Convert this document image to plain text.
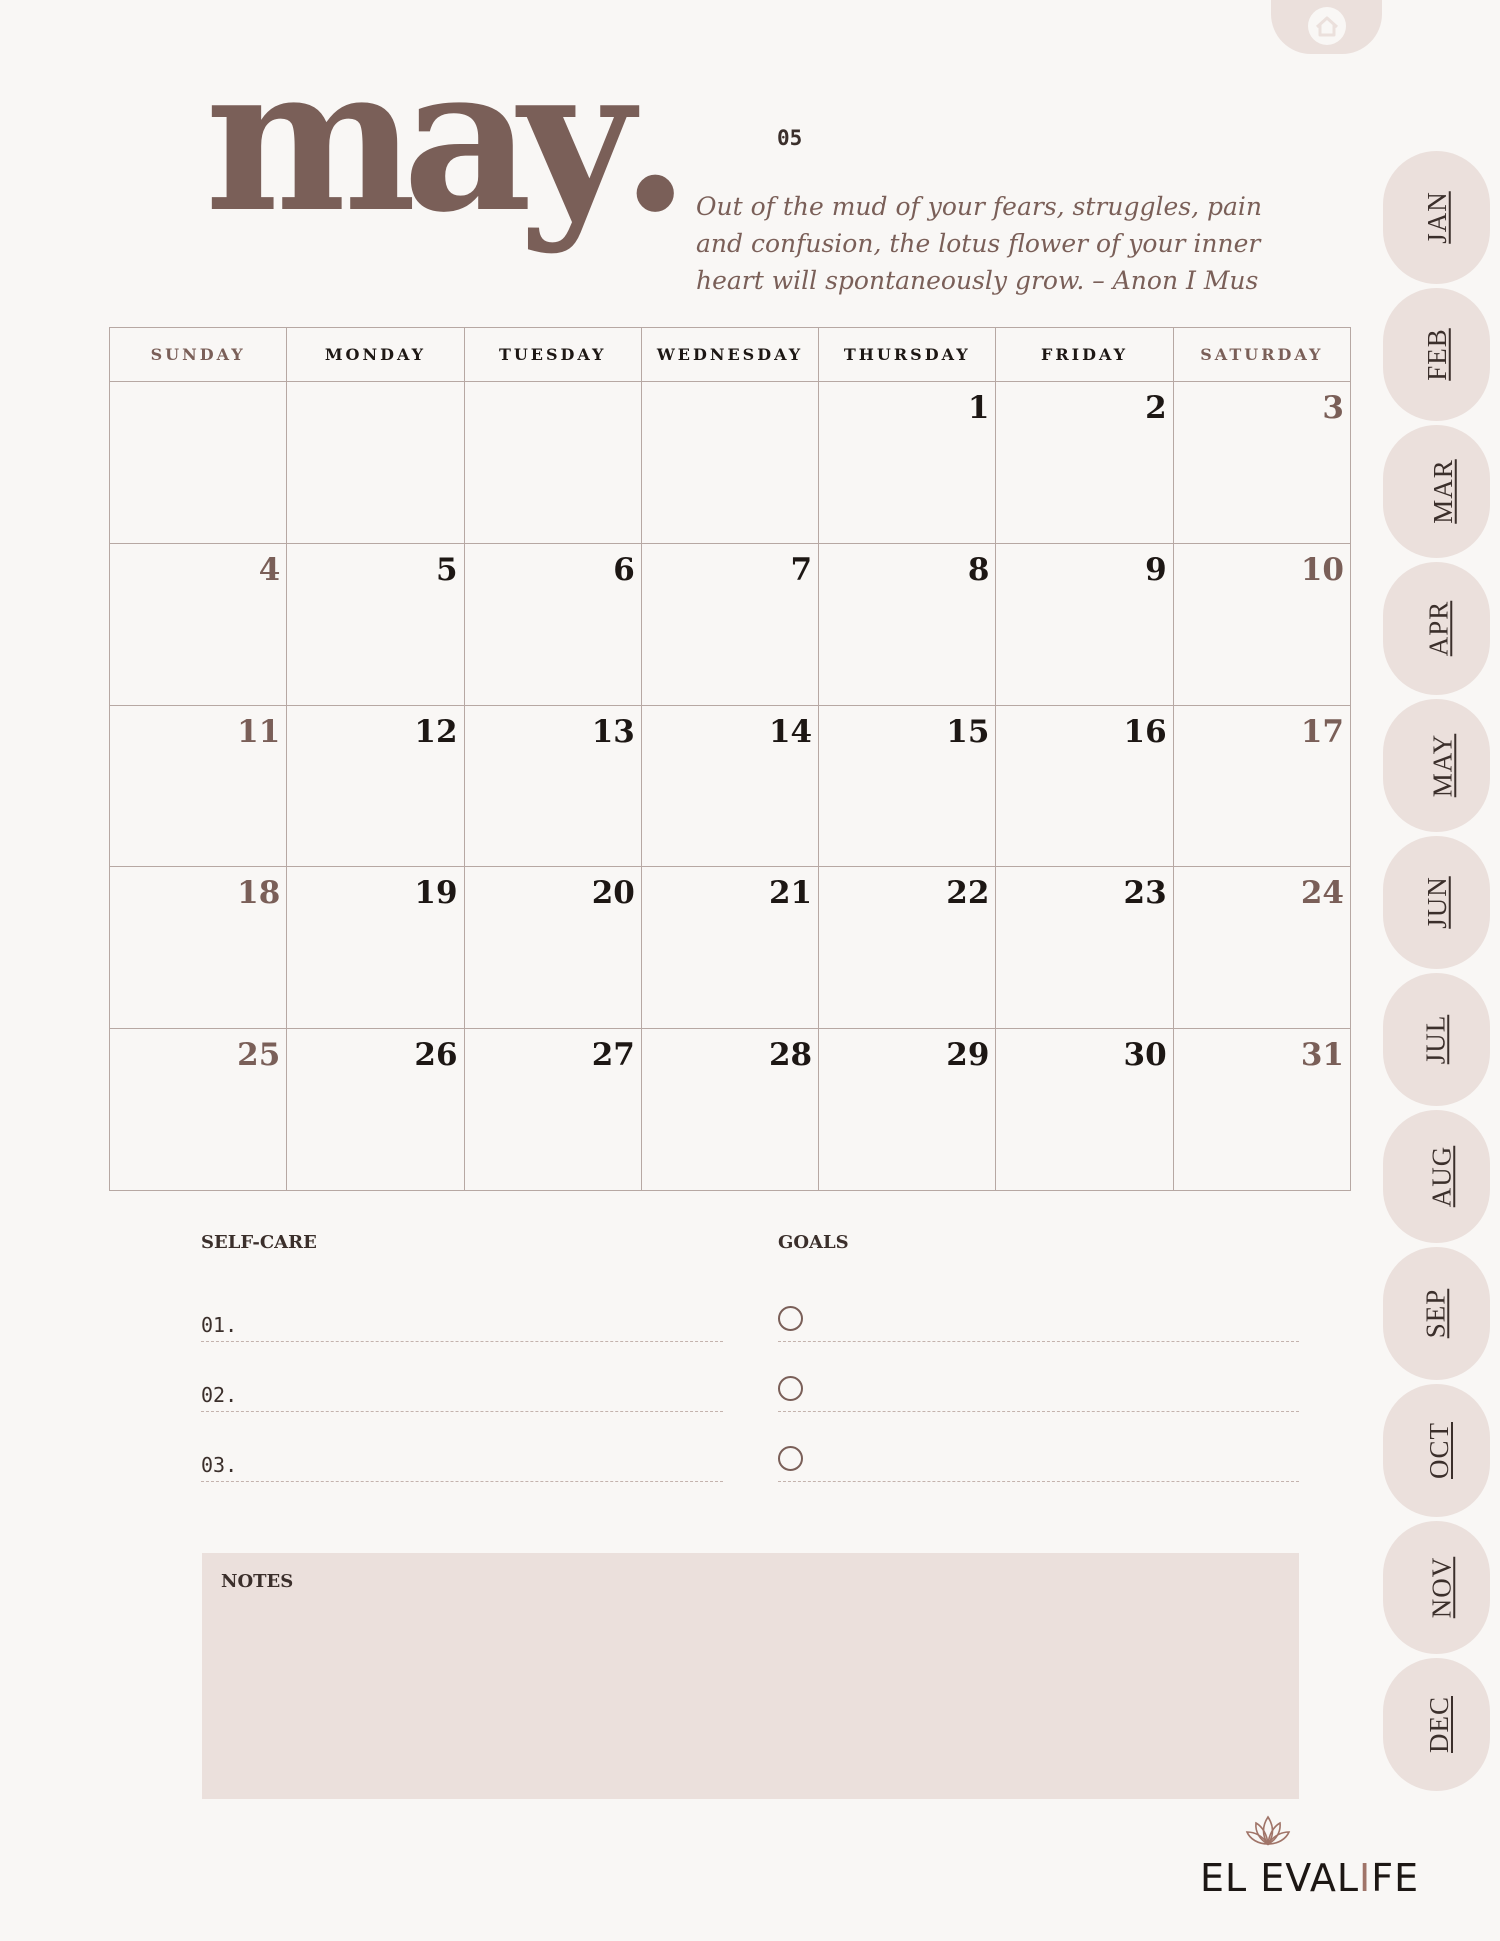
may.	05
Out of the mud of your fears, struggles, pain and confusion, the lotus flower of your inner heart will spontaneously grow. – Anon I Mus
SUNDAY	MONDAY	TUESDAY	WEDNESDAY	THURSDAY	FRIDAY	SATURDAY
				1	2	3
4	5	6	7	8	9	10
11	12	13	14	15	16	17
18	19	20	21	22	23	24
25	26	27	28	29	30	31
SELF-CARE
01.
02.
03.
GOALS
NOTES
JAN
FEB
MAR
APR
MAY
JUN
JUL
AUG
SEP
OCT
NOV
DEC
EL EVALIFE
